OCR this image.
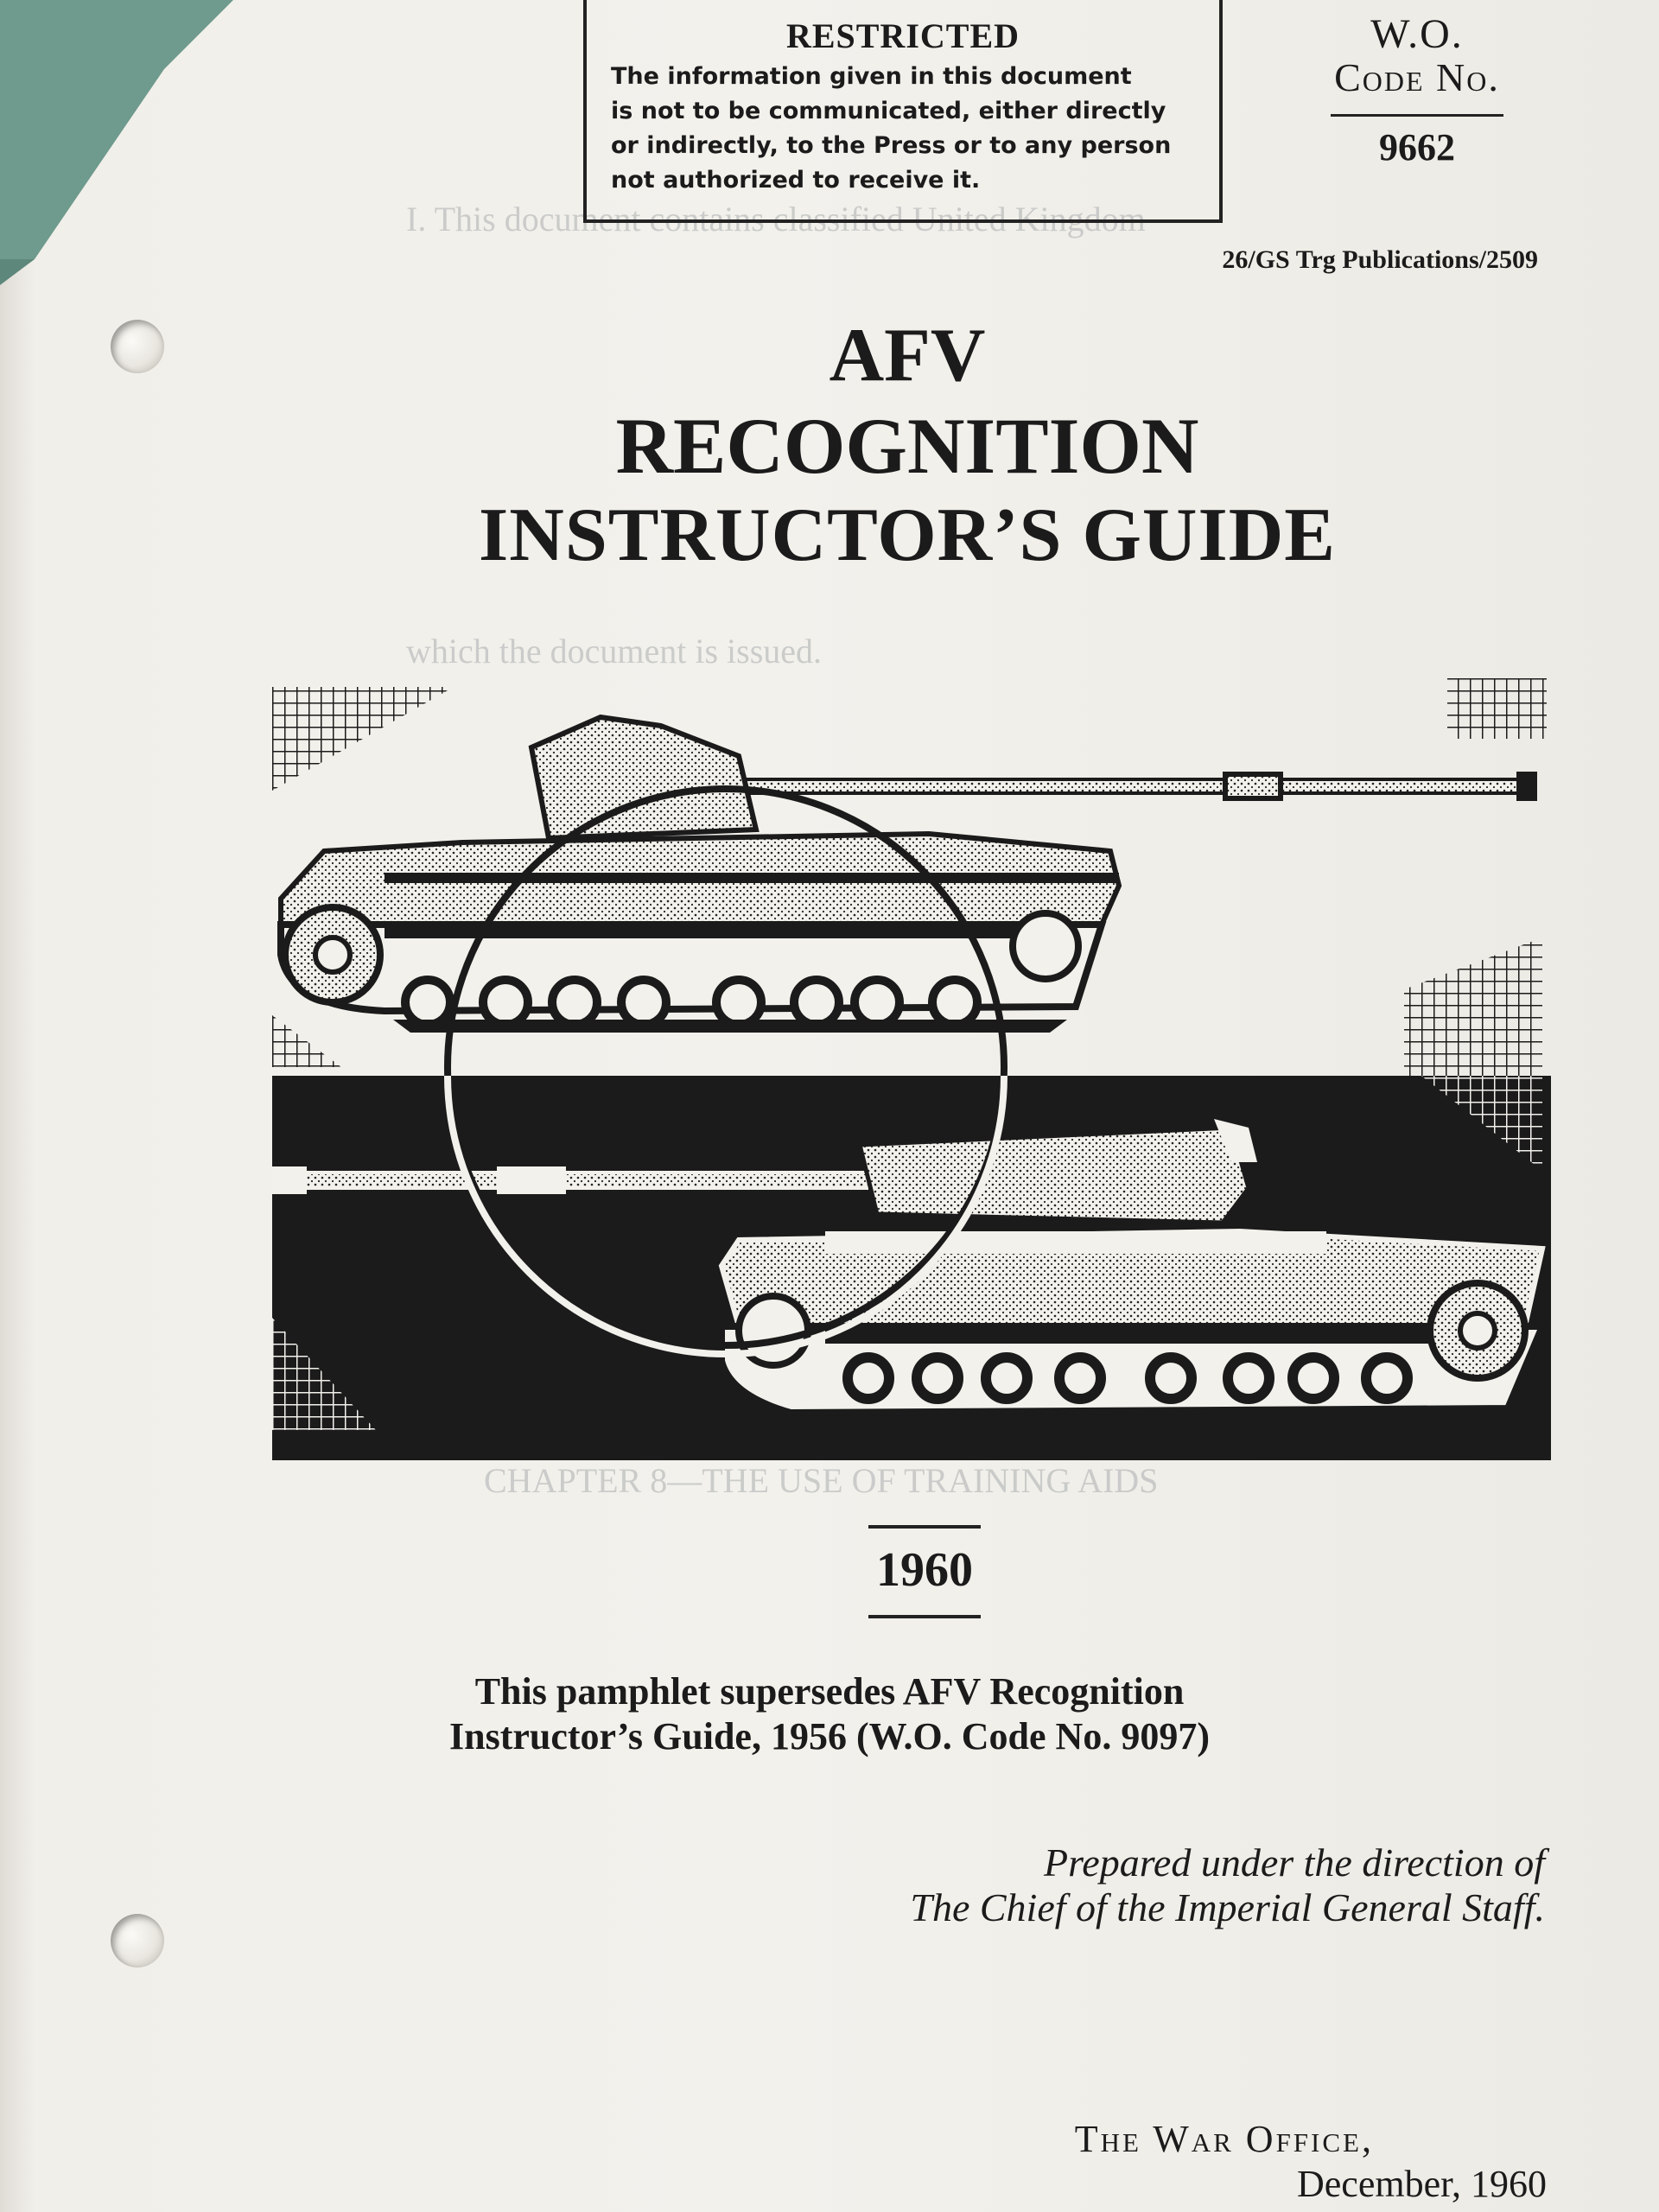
I. This document contains classified United Kingdom
which the document is issued.
CHAPTER 8—THE USE OF TRAINING AIDS
RESTRICTED
The information given in this document
is not to be communicated, either directly
or indirectly, to the Press or to any person
not authorized to receive it.
W.O.
Code No.
9662
26/GS Trg Publications/2509
AFV
RECOGNITION
INSTRUCTOR’S GUIDE
1960
This pamphlet supersedes AFV Recognition
Instructor’s Guide, 1956 (W.O. Code No. 9097)
Prepared under the direction of
The Chief of the Imperial General Staff.
The War Office,
December, 1960
